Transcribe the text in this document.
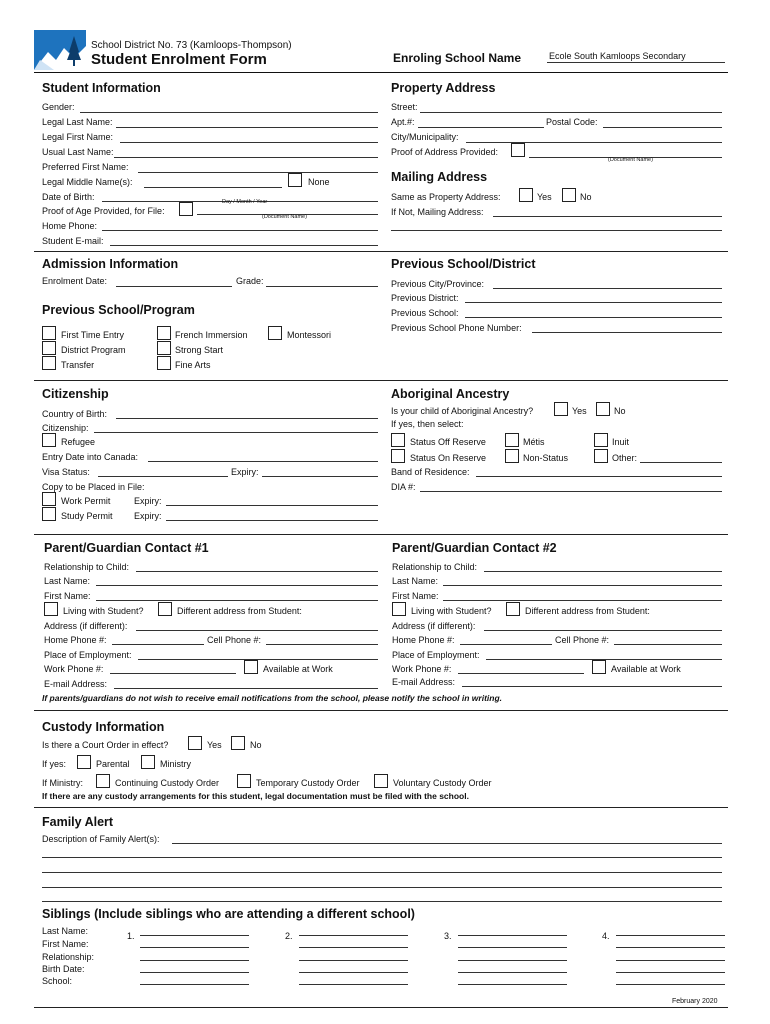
School District No. 73 (Kamloops-Thompson)
Student Enrolment Form	Enroling School Name	Ecole South Kamloops Secondary
Student Information
Gender:
Legal Last Name:
Legal First Name:
Usual Last Name:
Preferred First Name:
Legal Middle Name(s):	None
Date of Birth:	Day / Month / Year
Proof of Age Provided, for File:
(Document Name)
Home Phone:
Student E-mail:
Property Address
Street:
Apt.#:	Postal Code:
City/Municipality:
Proof of Address Provided:
(Document Name)
Mailing Address
Same as Property Address:	Yes	No
If Not, Mailing Address:
Admission Information
Enrolment Date:	Grade:
Previous School/District
Previous City/Province:
Previous District:
Previous School:
Previous School Phone Number:
Previous School/Program
First Time Entry
District Program
Transfer
French Immersion
Strong Start
Fine Arts
Montessori
Citizenship
Country of Birth:
Citizenship:
Refugee
Entry Date into Canada:
Visa Status:	Expiry:
Copy to be Placed in File:
Work Permit	Expiry:
Study Permit Expiry:
Aboriginal Ancestry
Is your child of Aboriginal Ancestry?	Yes	No
If yes, then select:
Status Off Reserve	Métis	Inuit
Status On Reserve	Non-Status	Other:
Band of Residence:
DIA #:
Parent/Guardian Contact #1
Relationship to Child:
Last Name:
First Name:
Living with Student?	Different address from Student:
Address (if different):
Home Phone #:	Cell Phone #:
Place of Employment:
Work Phone #:	Available at Work
E-mail Address:
Parent/Guardian Contact #2
Relationship to Child:
Last Name:
First Name:
Living with Student?	Different address from Student:
Address (if different):
Home Phone #:	Cell Phone #:
Place of Employment:
Work Phone #:	Available at Work
E-mail Address:
If parents/guardians do not wish to receive email notifications from the school, please notify the school in writing.
Custody Information
Is there a Court Order in effect?	Yes	No
If yes:	Parental	Ministry
If Ministry:	Continuing Custody Order	Temporary Custody Order	Voluntary Custody Order
If there are any custody arrangements for this student, legal documentation must be filed with the school.
Family Alert
Description of Family Alert(s):
Siblings (Include siblings who are attending a different school)
Last Name:
First Name:
Relationship:
Birth Date:
School:
1.	2.	3.	4.
February 2020
